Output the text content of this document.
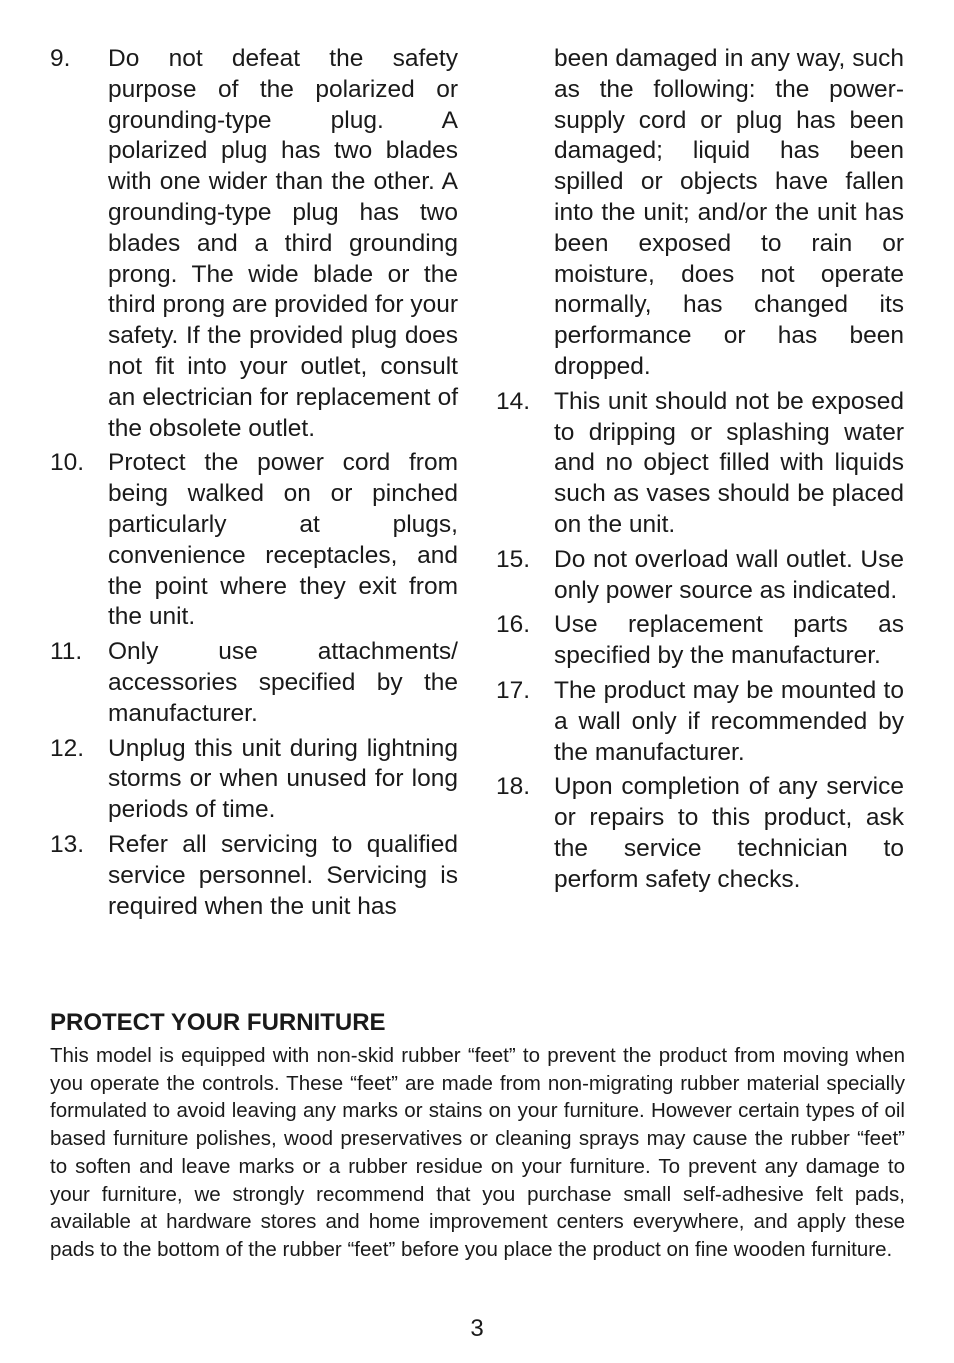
9. Do not defeat the safety purpose of the polarized or grounding-type plug. A polarized plug has two blades with one wider than the other. A grounding-type plug has two blades and a third grounding prong. The wide blade or the third prong are provided for your safety. If the provided plug does not fit into your outlet, consult an electrician for replacement of the obsolete outlet.
10. Protect the power cord from being walked on or pinched particularly at plugs, convenience receptacles, and the point where they exit from the unit.
11. Only use attachments/ accessories specified by the manufacturer.
12. Unplug this unit during lightning storms or when unused for long periods of time.
13. Refer all servicing to qualified service personnel. Servicing is required when the unit has
been damaged in any way, such as the following: the power-supply cord or plug has been damaged; liquid has been spilled or objects have fallen into the unit; and/or the unit has been exposed to rain or moisture, does not operate normally, has changed its performance or has been dropped.
14. This unit should not be exposed to dripping or splashing water and no object filled with liquids such as vases should be placed on the unit.
15. Do not overload wall outlet. Use only power source as indicated.
16. Use replacement parts as specified by the manufacturer.
17. The product may be mounted to a wall only if recommended by the manufacturer.
18. Upon completion of any service or repairs to this product, ask the service technician to perform safety checks.
PROTECT YOUR FURNITURE

This model is equipped with non-skid rubber “feet” to prevent the product from moving when you operate the controls. These “feet” are made from non-migrating rubber material specially formulated to avoid leaving any marks or stains on your furniture. However certain types of oil based furniture polishes, wood preservatives or cleaning sprays may cause the rubber “feet” to soften and leave marks or a rubber residue on your furniture. To prevent any damage to your furniture, we strongly recommend that you purchase small self-adhesive felt pads, available at hardware stores and home improvement centers everywhere, and apply these pads to the bottom of the rubber “feet” before you place the product on fine wooden furniture.

3
